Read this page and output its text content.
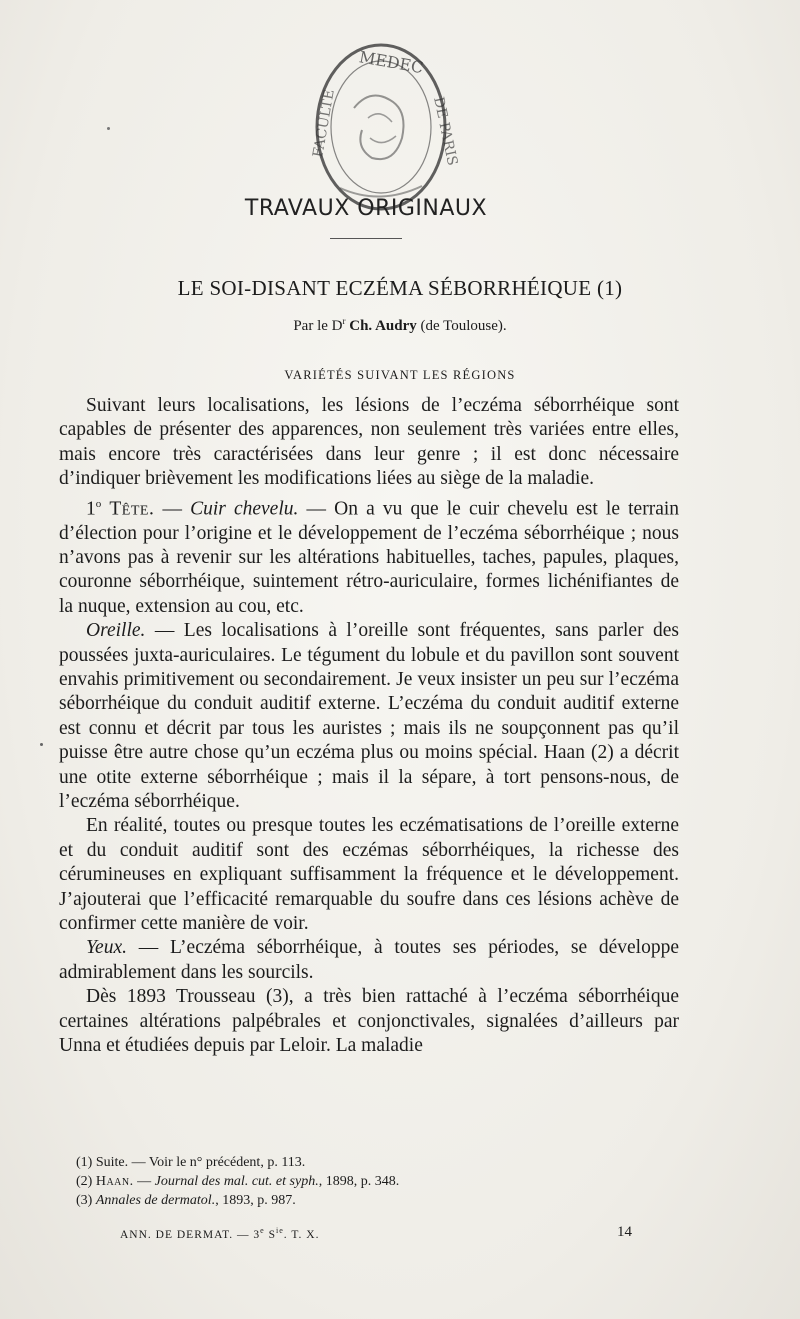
MEDEC
FACULTE	DE PARIS
TRAVAUX ORIGINAUX
LE SOI-DISANT ECZÉMA SÉBORRHÉIQUE (1)
Par le $D^r$ Ch. Audry (de Toulouse).
VARIÉTÉS SUIVANT LES RÉGIONS

Suivant leurs localisations, les lésions de l’eczéma séborrhéique sont capables de présenter des apparences, non seulement très variées entre elles, mais encore très caractérisées dans leur genre ; il est donc nécessaire d’indiquer brièvement les modifications liées au siège de la maladie.

1$^o$ Tête. — Cuir chevelu. — On a vu que le cuir chevelu est le terrain d’élection pour l’origine et le développement de l’eczéma séborrhéique ; nous n’avons pas à revenir sur les altérations habituelles, taches, papules, plaques, couronne séborrhéique, suintement rétro-auriculaire, formes lichénifiantes de la nuque, extension au cou, etc.

Oreille. — Les localisations à l’oreille sont fréquentes, sans parler des poussées juxta-auriculaires. Le tégument du lobule et du pavillon sont souvent envahis primitivement ou secondairement. Je veux insister un peu sur l’eczéma séborrhéique du conduit auditif externe. L’eczéma du conduit auditif externe est connu et décrit par tous les auristes ; mais ils ne soupçonnent pas qu’il puisse être autre chose qu’un eczéma plus ou moins spécial. Haan (2) a décrit une otite externe séborrhéique ; mais il la sépare, à tort pensons-nous, de l’eczéma séborrhéique.

En réalité, toutes ou presque toutes les eczématisations de l’oreille externe et du conduit auditif sont des eczémas séborrhéiques, la richesse des cérumineuses en expliquant suffisamment la fréquence et le développement. J’ajouterai que l’efficacité remarquable du soufre dans ces lésions achève de confirmer cette manière de voir.

Yeux. — L’eczéma séborrhéique, à toutes ses périodes, se développe admirablement dans les sourcils.

Dès 1893 Trousseau (3), a très bien rattaché à l’eczéma séborrhéique certaines altérations palpébrales et conjonctivales, signalées d’ailleurs par Unna et étudiées depuis par Leloir. La maladie

(1) Suite. — Voir le n° précédent, p. 113.
(2) Haan. — Journal des mal. cut. et syph., 1898, p. 348.
(3) Annales de dermatol., 1893, p. 987.
ANN. DE DERMAT. — 3e $S^{ie}$. T. X.	14
